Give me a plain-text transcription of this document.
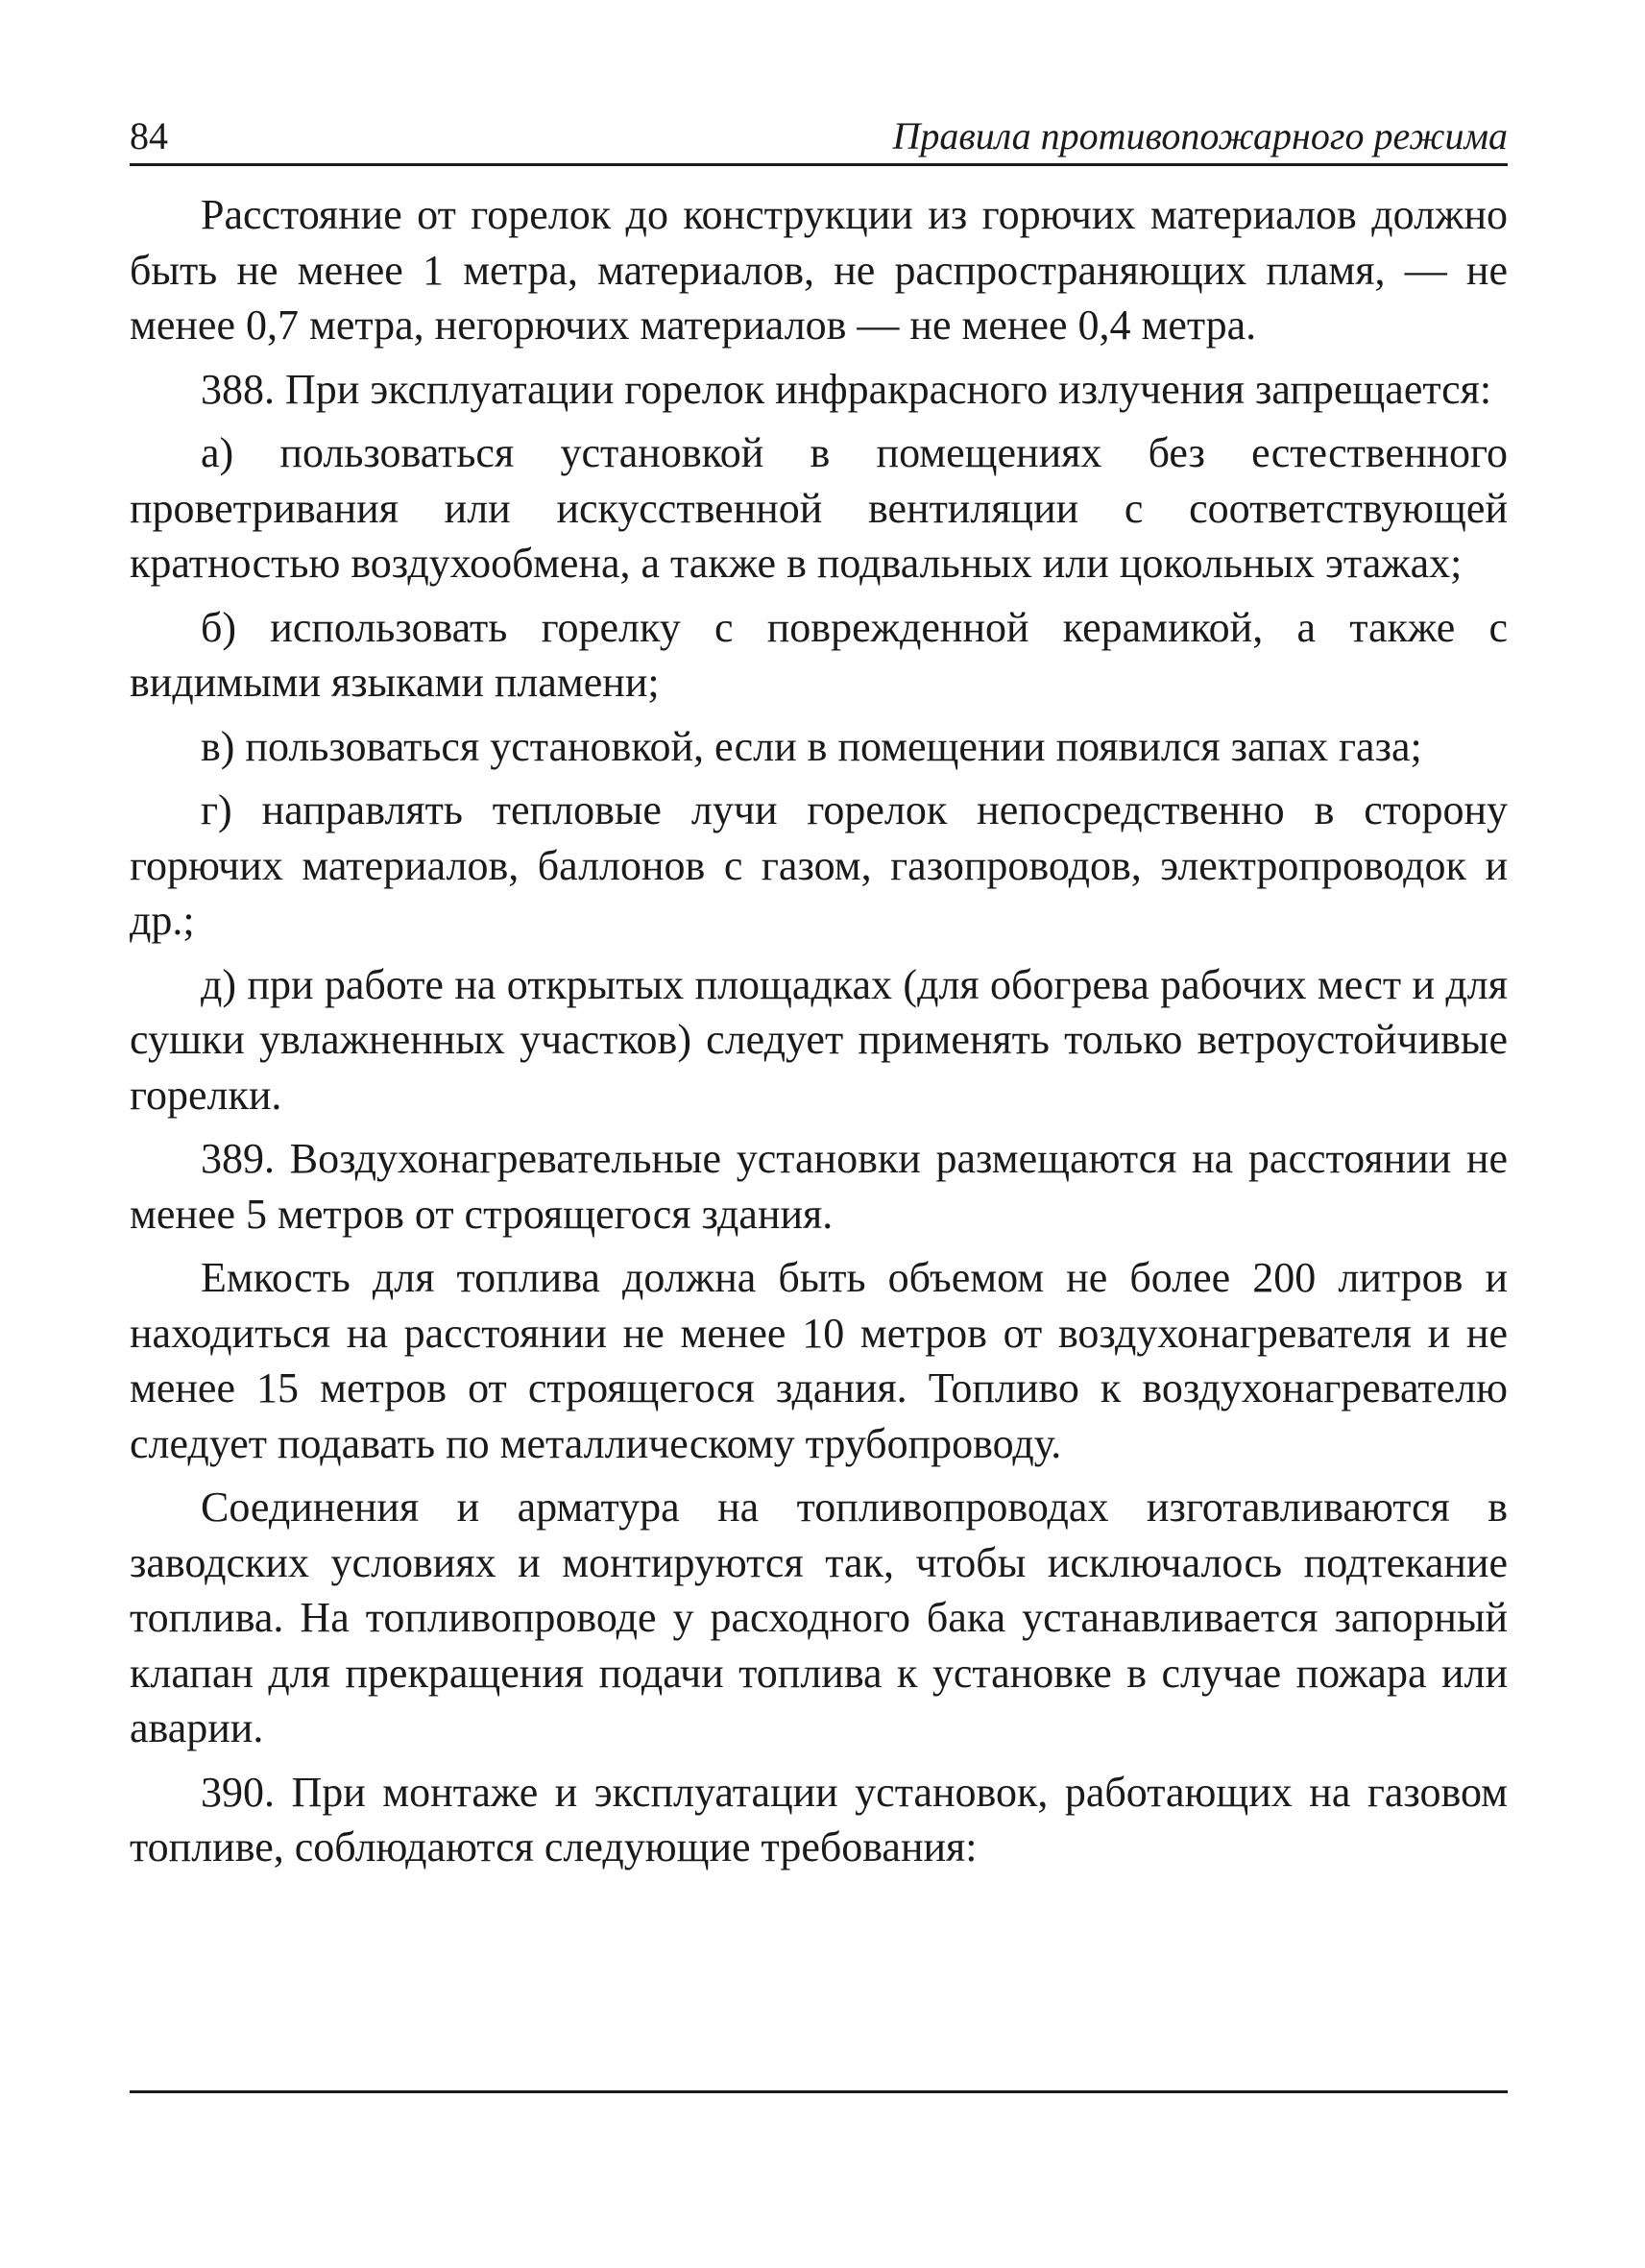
84	Правила противопожарного режима

Расстояние от горелок до конструкции из горючих материалов должно быть не менее 1 метра, материалов, не распространяющих пламя, — не менее 0,7 метра, негорючих материалов — не менее 0,4 метра.

388. При эксплуатации горелок инфракрасного излучения запрещается:

а) пользоваться установкой в помещениях без естественного проветривания или искусственной вентиляции с соответствующей кратностью воздухообмена, а также в подвальных или цокольных этажах;

б) использовать горелку с поврежденной керамикой, а также с видимыми языками пламени;

в) пользоваться установкой, если в помещении появился запах газа;

г) направлять тепловые лучи горелок непосредственно в сторону горючих материалов, баллонов с газом, газопроводов, электропроводок и др.;

д) при работе на открытых площадках (для обогрева рабочих мест и для сушки увлажненных участков) следует применять только ветроустойчивые горелки.

389. Воздухонагревательные установки размещаются на расстоянии не менее 5 метров от строящегося здания.

Емкость для топлива должна быть объемом не более 200 литров и находиться на расстоянии не менее 10 метров от воздухонагревателя и не менее 15 метров от строящегося здания. Топливо к воздухонагревателю следует подавать по металлическому трубопроводу.

Соединения и арматура на топливопроводах изготавливаются в заводских условиях и монтируются так, чтобы исключалось подтекание топлива. На топливопроводе у расходного бака устанавливается запорный клапан для прекращения подачи топлива к установке в случае пожара или аварии.

390. При монтаже и эксплуатации установок, работающих на газовом топливе, соблюдаются следующие требования:
